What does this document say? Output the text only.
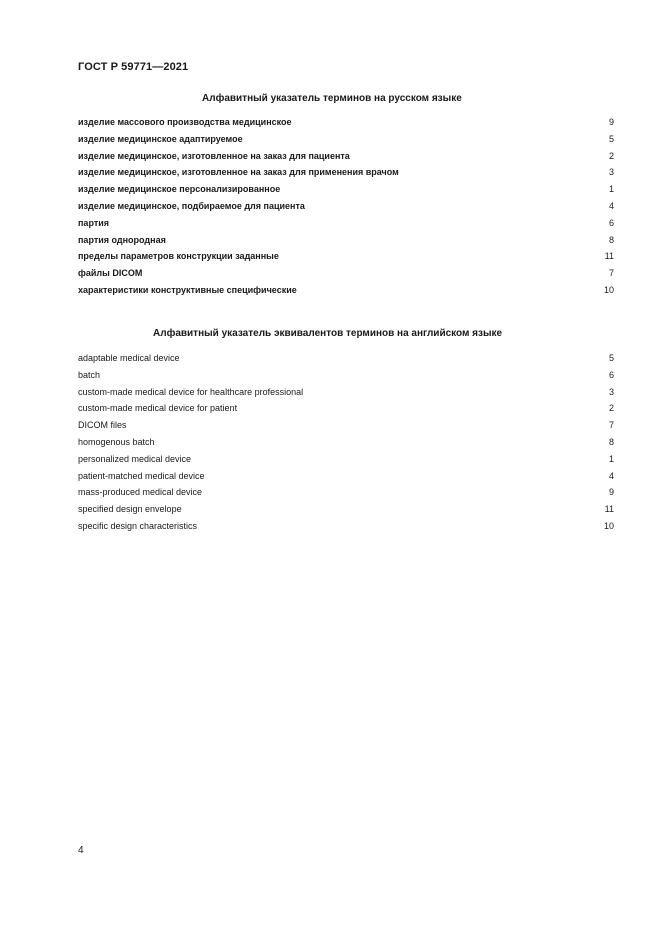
ГОСТ Р 59771—2021
Алфавитный указатель терминов на русском языке
изделие массового производства медицинское	9
изделие медицинское адаптируемое	5
изделие медицинское, изготовленное на заказ для пациента	2
изделие медицинское, изготовленное на заказ для применения врачом	3
изделие медицинское персонализированное	1
изделие медицинское, подбираемое для пациента	4
партия	6
партия однородная	8
пределы параметров конструкции заданные	11
файлы DICOM	7
характеристики конструктивные специфические	10
Алфавитный указатель эквивалентов терминов на английском языке
adaptable medical device	5
batch	6
custom-made medical device for healthcare professional	3
custom-made medical device for patient	2
DICOM files	7
homogenous batch	8
personalized medical device	1
patient-matched medical device	4
mass-produced medical device	9
specified design envelope	11
specific design characteristics	10
4
